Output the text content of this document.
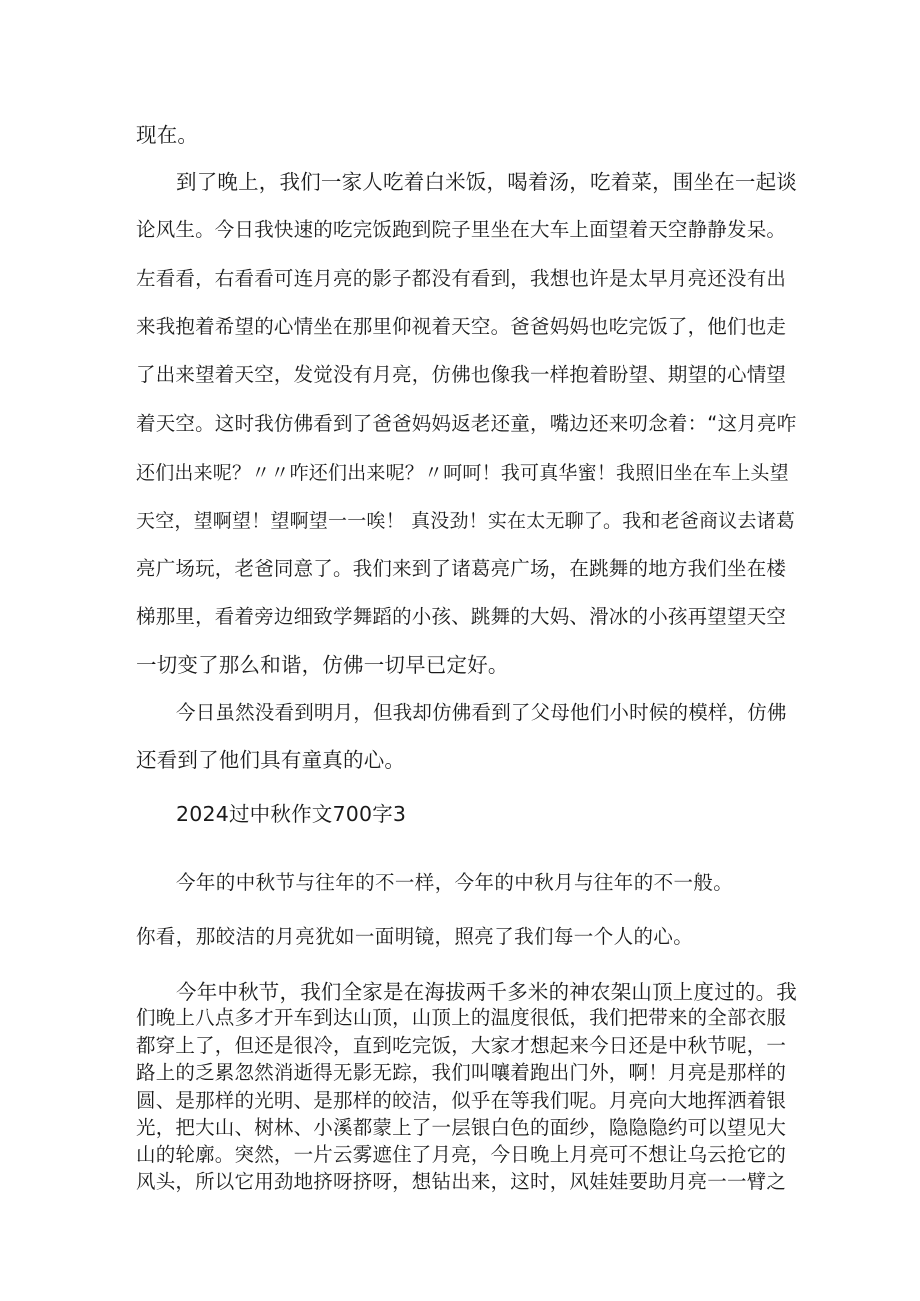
现在。
到了晚上，我们一家人吃着白米饭，喝着汤，吃着菜，围坐在一起谈
论风生。今日我快速的吃完饭跑到院子里坐在大车上面望着天空静静发呆。
左看看，右看看可连月亮的影子都没有看到，我想也许是太早月亮还没有出
来我抱着希望的心情坐在那里仰视着天空。爸爸妈妈也吃完饭了，他们也走
了出来望着天空，发觉没有月亮，仿佛也像我一样抱着盼望、期望的心情望
着天空。这时我仿佛看到了爸爸妈妈返老还童，嘴边还来叨念着：“这月亮咋
还们出来呢？〃〃咋还们出来呢？〃呵呵！我可真华蜜！我照旧坐在车上头望
天空，望啊望！望啊望一一唉！ 真没劲！实在太无聊了。我和老爸商议去诸葛
亮广场玩，老爸同意了。我们来到了诸葛亮广场，在跳舞的地方我们坐在楼
梯那里，看着旁边细致学舞蹈的小孩、跳舞的大妈、滑冰的小孩再望望天空
一切变了那么和谐，仿佛一切早已定好。
今日虽然没看到明月，但我却仿佛看到了父母他们小时候的模样，仿佛
还看到了他们具有童真的心。
2024过中秋作文700字3
今年的中秋节与往年的不一样，今年的中秋月与往年的不一般。
你看，那皎洁的月亮犹如一面明镜，照亮了我们每一个人的心。
今年中秋节，我们全家是在海拔两千多米的神农架山顶上度过的。我
们晚上八点多才开车到达山顶，山顶上的温度很低，我们把带来的全部衣服
都穿上了，但还是很冷，直到吃完饭，大家才想起来今日还是中秋节呢，一
路上的乏累忽然消逝得无影无踪，我们叫嚷着跑出门外，啊！月亮是那样的
圆、是那样的光明、是那样的皎洁，似乎在等我们呢。月亮向大地挥洒着银
光，把大山、树林、小溪都蒙上了一层银白色的面纱，隐隐隐约可以望见大
山的轮廓。突然，一片云雾遮住了月亮，今日晚上月亮可不想让乌云抢它的
风头，所以它用劲地挤呀挤呀，想钻出来，这时，风娃娃要助月亮一一臂之
